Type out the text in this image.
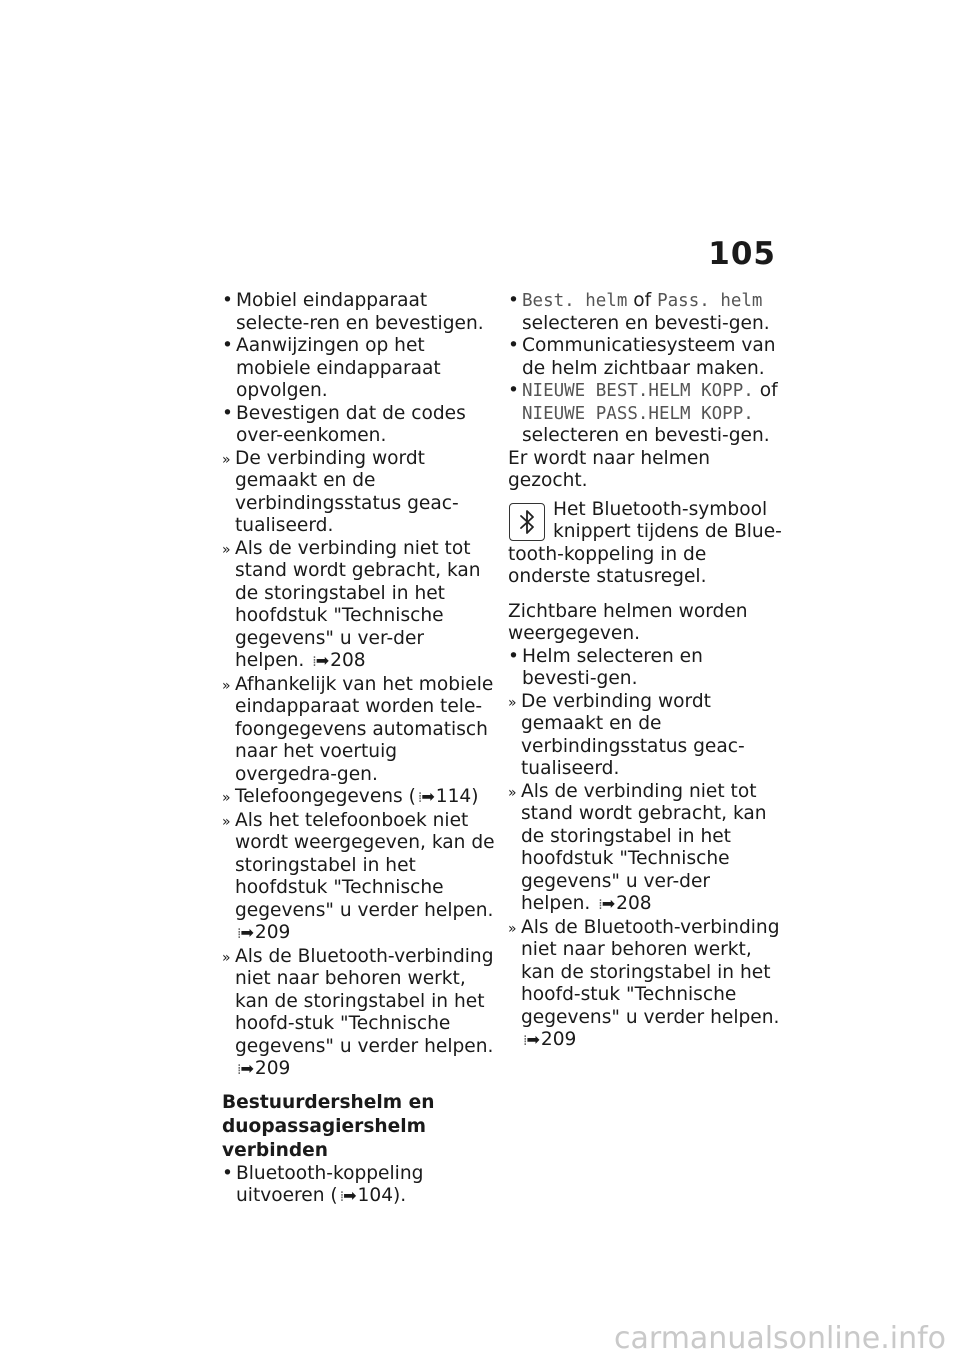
105
• Mobiel eindapparaat selecte-ren en bevestigen.
• Aanwijzingen op het mobiele eindapparaat opvolgen.
• Bevestigen dat de codes over-eenkomen.
» De verbinding wordt gemaakt en de verbindingsstatus geac-tualiseerd.
» Als de verbinding niet tot stand wordt gebracht, kan de storingstabel in het hoofdstuk "Technische gegevens" u ver-der helpen. ⁞ ➡ 208
» Afhankelijk van het mobiele eindapparaat worden tele-foongegevens automatisch naar het voertuig overgedra-gen.
» Telefoongegevens ( ⁞ ➡ 114)
» Als het telefoonboek niet wordt weergegeven, kan de storingstabel in het hoofdstuk "Technische gegevens" u verder helpen. ⁞ ➡ 209
» Als de Bluetooth-verbinding niet naar behoren werkt, kan de storingstabel in het hoofd-stuk "Technische gegevens" u verder helpen. ⁞ ➡ 209
Bestuurdershelm en duopassagiershelm verbinden
• Bluetooth-koppeling uitvoeren ( ⁞ ➡ 104).
• Best. helm of Pass. helm selecteren en bevesti-gen.
• Communicatiesysteem van de helm zichtbaar maken.
• NIEUWE BEST.HELM KOPP. of NIEUWE PASS.HELM KOPP. selecteren en bevesti-gen.
Er wordt naar helmen gezocht.
Het Bluetooth-symbool knippert tijdens de Blue-tooth-koppeling in de onderste statusregel.
Zichtbare helmen worden weergegeven.
• Helm selecteren en bevesti-gen.
» De verbinding wordt gemaakt en de verbindingsstatus geac-tualiseerd.
» Als de verbinding niet tot stand wordt gebracht, kan de storingstabel in het hoofdstuk "Technische gegevens" u ver-der helpen. ⁞ ➡ 208
» Als de Bluetooth-verbinding niet naar behoren werkt, kan de storingstabel in het hoofd-stuk "Technische gegevens" u verder helpen. ⁞ ➡ 209
carmanualsonline.info
